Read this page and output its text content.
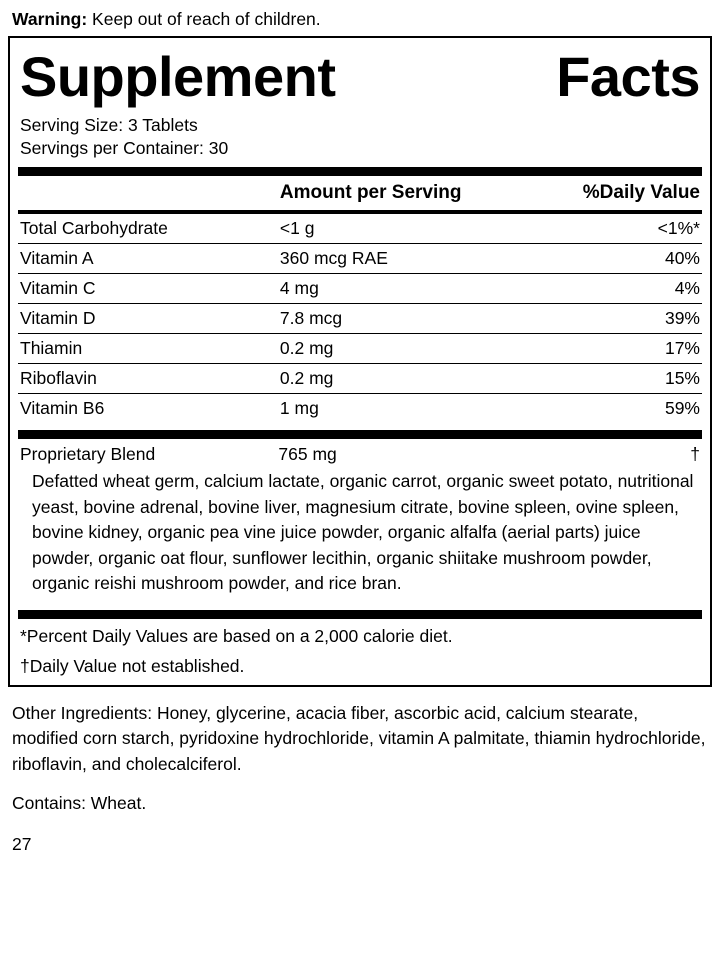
Warning: Keep out of reach of children.
Supplement	Facts
Serving Size: 3 Tablets
Servings per Container: 30
	Amount per Serving	%Daily Value
Total Carbohydrate	<1 g	<1%*
Vitamin A	360 mcg RAE	40%
Vitamin C	4 mg	4%
Vitamin D	7.8 mcg	39%
Thiamin	0.2 mg	17%
Riboflavin	0.2 mg	15%
Vitamin B6	1 mg	59%
Proprietary Blend	765 mg	†
Defatted wheat germ, calcium lactate, organic carrot, organic sweet potato, nutritional yeast, bovine adrenal, bovine liver, magnesium citrate, bovine spleen, ovine spleen, bovine kidney, organic pea vine juice powder, organic alfalfa (aerial parts) juice powder, organic oat flour, sunflower lecithin, organic shiitake mushroom powder, organic reishi mushroom powder, and rice bran.
*Percent Daily Values are based on a 2,000 calorie diet.
†Daily Value not established.
Other Ingredients: Honey, glycerine, acacia fiber, ascorbic acid, calcium stearate, modified corn starch, pyridoxine hydrochloride, vitamin A palmitate, thiamin hydrochloride, riboflavin, and cholecalciferol.
Contains: Wheat.
27
